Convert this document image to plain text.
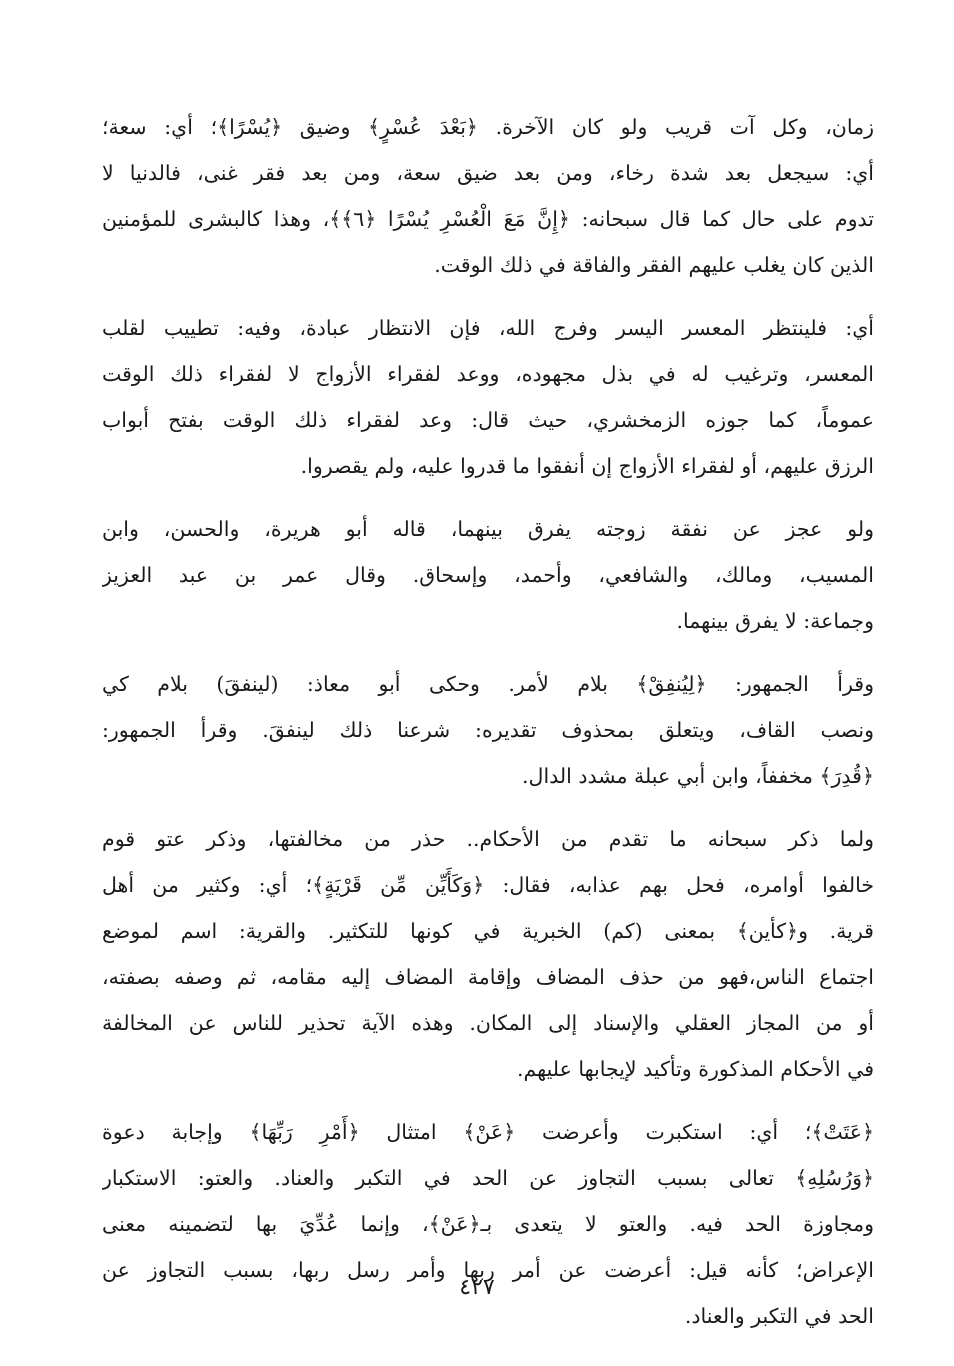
زمان، وكل آت قريب ولو كان الآخرة. ﴿بَعْدَ عُسْرٍ﴾ وضيق ﴿يُسْرًا﴾؛ أي: سعة؛
أي: سيجعل بعد شدة رخاء، ومن بعد ضيق سعة، ومن بعد فقر غنى، فالدنيا لا
تدوم على حال كما قال سبحانه: ﴿إِنَّ مَعَ الْعُسْرِ يُسْرًا ﴿٦﴾﴾، وهذا كالبشرى للمؤمنين
الذين كان يغلب عليهم الفقر والفاقة في ذلك الوقت.

أي: فلينتظر المعسر اليسر وفرج الله، فإن الانتظار عبادة، وفيه: تطييب لقلب
المعسر، وترغيب له في بذل مجهوده، ووعد لفقراء الأزواج لا لفقراء ذلك الوقت
عموماً، كما جوزه الزمخشري، حيث قال: وعد لفقراء ذلك الوقت بفتح أبواب
الرزق عليهم، أو لفقراء الأزواج إن أنفقوا ما قدروا عليه، ولم يقصروا.

ولو عجز عن نفقة زوجته يفرق بينهما، قاله أبو هريرة، والحسن، وابن
المسيب، ومالك، والشافعي، وأحمد، وإسحاق. وقال عمر بن عبد العزيز
وجماعة: لا يفرق بينهما.

وقرأ الجمهور: ﴿لِيُنفِقْ﴾ بلام لأمر. وحكى أبو معاذ: (لينفقَ) بلام كي
ونصب القاف، ويتعلق بمحذوف تقديره: شرعنا ذلك لينفقَ. وقرأ الجمهور:
﴿قُدِرَ﴾ مخففاً، وابن أبي عبلة مشدد الدال.

ولما ذكر سبحانه ما تقدم من الأحكام.. حذر من مخالفتها، وذكر عتو قوم
خالفوا أوامره، فحل بهم عذابه، فقال: ﴿وَكَأَيِّن مِّن قَرْيَةٍ﴾؛ أي: وكثير من أهل
قرية. و﴿كأين﴾ بمعنى (كم) الخبرية في كونها للتكثير. والقرية: اسم لموضع
اجتماع الناس،فهو من حذف المضاف وإقامة المضاف إليه مقامه، ثم وصفه بصفته،
أو من المجاز العقلي والإسناد إلى المكان. وهذه الآية تحذير للناس عن المخالفة
في الأحكام المذكورة وتأكيد لإيجابها عليهم.

﴿عَتَتْ﴾؛ أي: استكبرت وأعرضت ﴿عَنْ﴾ امتثال ﴿أَمْرِ رَبِّهَا﴾ وإجابة دعوة
﴿وَرُسُلِهِ﴾ تعالى بسبب التجاوز عن الحد في التكبر والعناد. والعتو: الاستكبار
ومجاوزة الحد فيه. والعتو لا يتعدى بـ﴿عَنْ﴾، وإنما عُدِّيَ بها لتضمينه معنى
الإعراض؛ كأنه قيل: أعرضت عن أمر ربها وأمر رسل ربها، بسبب التجاوز عن
الحد في التكبر والعناد.

٤٢٧
